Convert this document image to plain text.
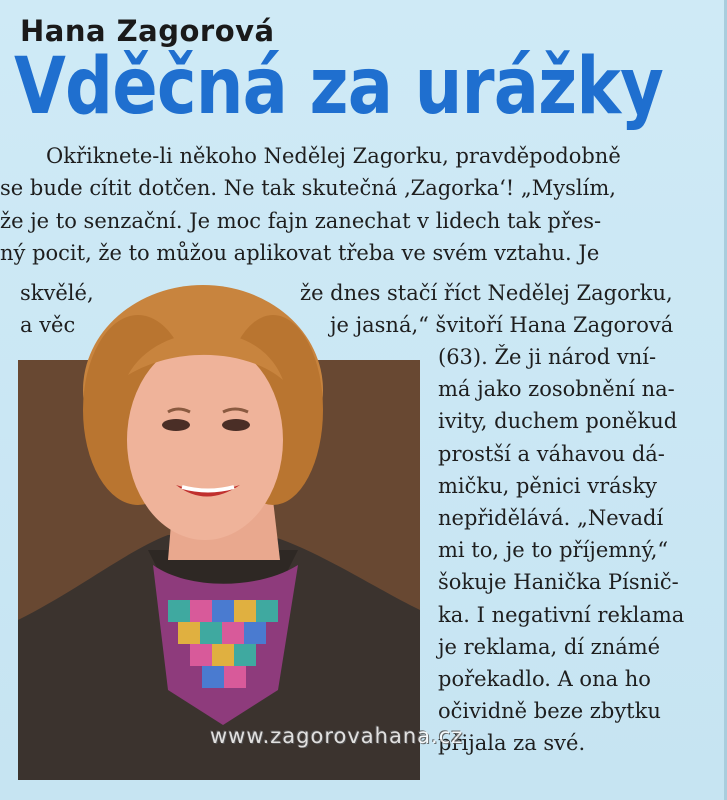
Hana Zagorová
Vděčná za urážky
Okřiknete-li někoho Nedělej Zagorku, pravděpodobně
se bude cítit dotčen. Ne tak skutečná ‚Zagorka‘! „Myslím,
že je to senzační. Je moc fajn zanechat v lidech tak přes-
ný pocit, že to můžou aplikovat třeba ve svém vztahu. Je
skvělé,	že dnes stačí říct Nedělej Zagorku,
a věc	je jasná,“ švitoří Hana Zagorová
(63). Že ji národ vní-
má jako zosobnění na-
ivity, duchem poněkud
prostší a váhavou dá-
mičku, pěnici vrásky
nepřidělává. „Nevadí
mi to, je to příjemný,“
šokuje Hanička Písnič-
ka. I negativní reklama
je reklama, dí známé
pořekadlo. A ona ho
očividně beze zbytku
přijala za své.
www.zagorovahana.cz
